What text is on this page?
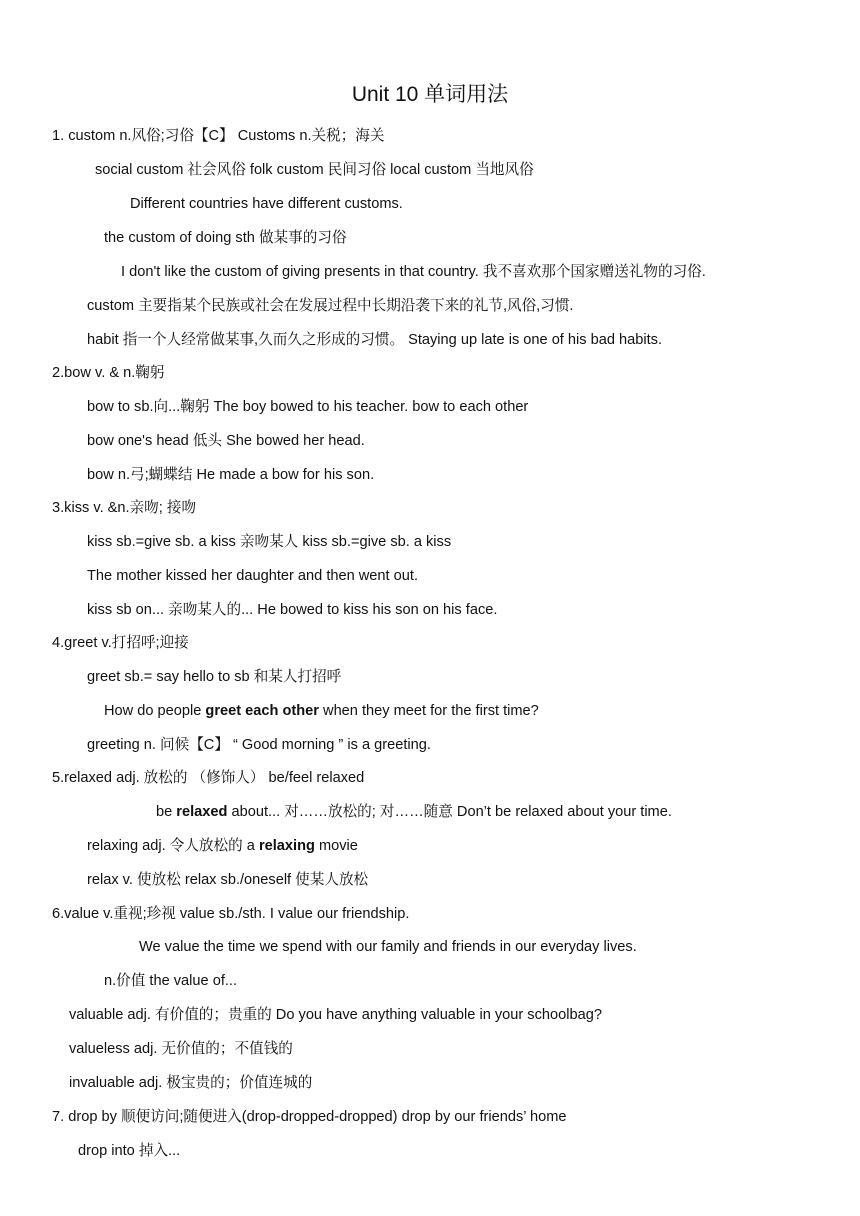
Unit 10 单词用法
1. custom n.风俗;习俗【C】 Customs n.关税；海关
social custom 社会风俗 folk custom 民间习俗 local custom 当地风俗
Different countries have different customs.
the custom of doing sth 做某事的习俗
I don't like the custom of giving presents in that country. 我不喜欢那个国家赠送礼物的习俗.
custom 主要指某个民族或社会在发展过程中长期沿袭下来的礼节,风俗,习惯.
habit 指一个人经常做某事,久而久之形成的习惯。 Staying up late is one of his bad habits.
2.bow v. & n.鞠躬
bow to sb.向...鞠躬 The boy bowed to his teacher. bow to each other
bow one's head 低头 She bowed her head.
bow n.弓;蝴蝶结 He made a bow for his son.
3.kiss v. &n.亲吻; 接吻
kiss sb.=give sb. a kiss 亲吻某人 kiss sb.=give sb. a kiss
The mother kissed her daughter and then went out.
kiss sb on... 亲吻某人的... He bowed to kiss his son on his face.
4.greet v.打招呼;迎接
greet sb.= say hello to sb 和某人打招呼
How do people greet each other when they meet for the first time?
greeting n. 问候【C】 “ Good morning ” is a greeting.
5.relaxed adj. 放松的 （修饰人） be/feel relaxed
be relaxed about... 对……放松的; 对……随意 Don’t be relaxed about your time.
relaxing adj. 令人放松的 a relaxing movie
relax v. 使放松 relax sb./oneself 使某人放松
6.value v.重视;珍视 value sb./sth. I value our friendship.
We value the time we spend with our family and friends in our everyday lives.
n.价值 the value of...
valuable adj. 有价值的；贵重的 Do you have anything valuable in your schoolbag?
valueless adj. 无价值的；不值钱的
invaluable adj. 极宝贵的；价值连城的
7. drop by 顺便访问;随便进入(drop-dropped-dropped) drop by our friends’ home
drop into 掉入...
